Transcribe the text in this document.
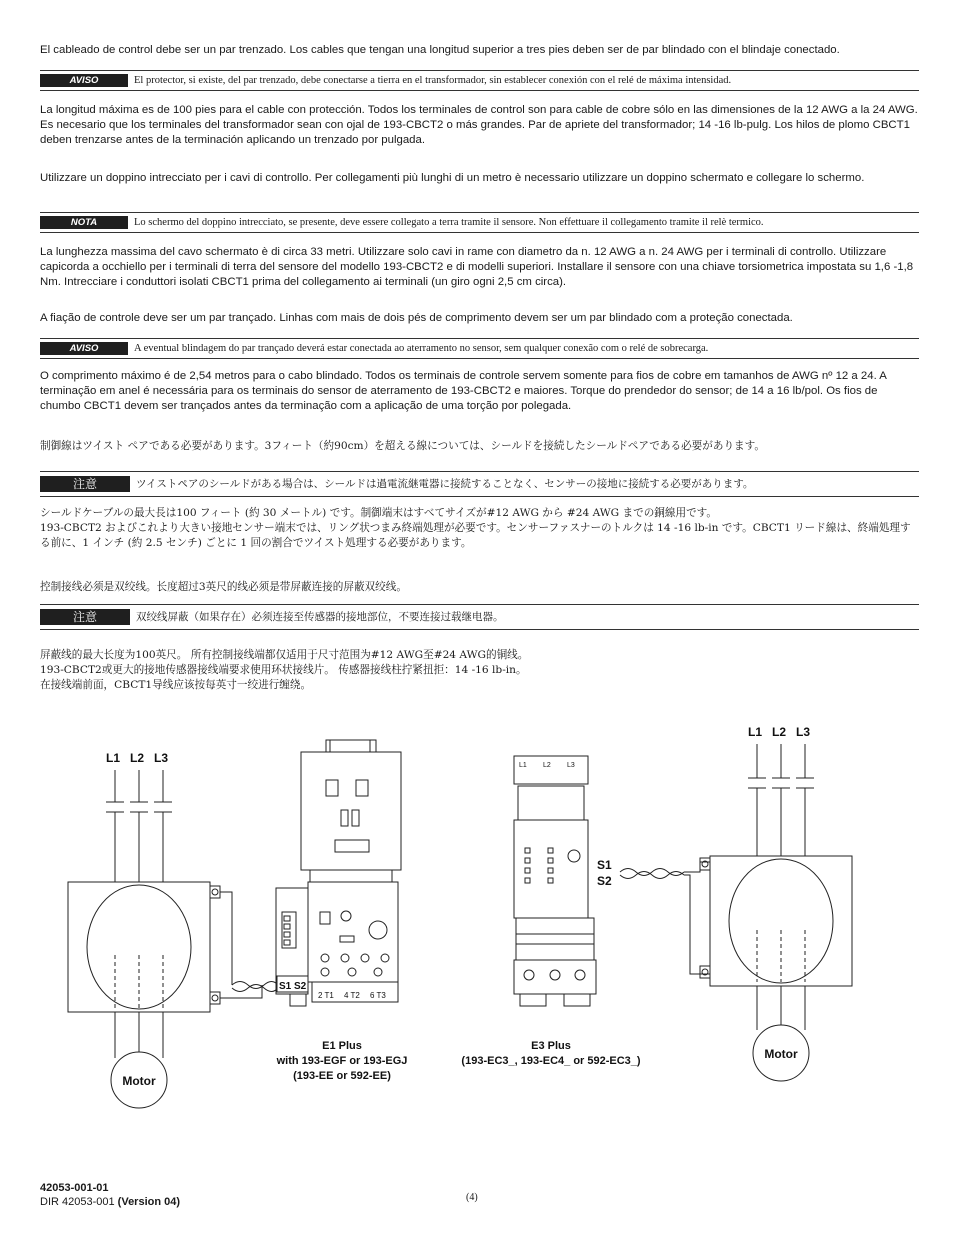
El cableado de control debe ser un par trenzado. Los cables que tengan una longitud superior a tres pies deben ser de par blindado con el blindaje conectado.

AVISO	El protector, si existe, del par trenzado, debe conectarse a tierra en el transformador, sin establecer conexión con el relé de máxima intensidad.

La longitud máxima es de 100 pies para el cable con protección. Todos los terminales de control son para cable de cobre sólo en las dimensiones de la 12 AWG a la 24 AWG. Es necesario que los terminales del transformador sean con ojal de 193-CBCT2 o más grandes. Par de apriete del transformador; 14 -16 lb-pulg. Los hilos de plomo CBCT1 deben trenzarse antes de la terminación aplicando un trenzado por pulgada.

Utilizzare un doppino intrecciato per i cavi di controllo. Per collegamenti più lunghi di un metro è necessario utilizzare un doppino schermato e collegare lo schermo.

NOTA	Lo schermo del doppino intrecciato, se presente, deve essere collegato a terra tramite il sensore. Non effettuare il collegamento tramite il relè termico.

La lunghezza massima del cavo schermato è di circa 33 metri. Utilizzare solo cavi in rame con diametro da n. 12 AWG a n. 24 AWG per i terminali di controllo. Utilizzare capicorda a occhiello per i terminali di terra del sensore del modello 193-CBCT2 e di modelli superiori. Installare il sensore con una chiave torsiometrica impostata su 1,6 -1,8 Nm. Intrecciare i conduttori isolati CBCT1 prima del collegamento ai terminali (un giro ogni 2,5 cm circa).

A fiação de controle deve ser um par trançado. Linhas com mais de dois pés de comprimento devem ser um par blindado com a proteção conectada.

AVISO	A eventual blindagem do par trançado deverá estar conectada ao aterramento no sensor, sem qualquer conexão com o relé de sobrecarga.

O comprimento máximo é de 2,54 metros para o cabo blindado. Todos os terminais de controle servem somente para fios de cobre em tamanhos de AWG nº 12 a 24. A terminação em anel é necessária para os terminais do sensor de aterramento de 193-CBCT2 e maiores. Torque do prendedor do sensor; de 14 a 16 lb/pol. Os fios de chumbo CBCT1 devem ser trançados antes da terminação com a aplicação de uma torção por polegada.

制御線はツイスト ペアである必要があります。3フィート（約90cm）を超える線については、シールドを接続したシールドペアである必要があります。

注意	ツイストペアのシールドがある場合は、シールドは過電流継電器に接続することなく、センサーの接地に接続する必要があります。

シールドケーブルの最大長は100 フィート (約 30 メートル) です。制御端末はすべてサイズが#12 AWG から #24 AWG までの銅線用です。

193-CBCT2 およびこれより大きい接地センサー端末では、リング状つまみ終端処理が必要です。センサーファスナーのトルクは 14 -16 lb-in です。CBCT1 リード線は、終端処理する前に、1 インチ (約 2.5 センチ) ごとに 1 回の割合でツイスト処理する必要があります。

控制接线必须是双绞线。长度超过3英尺的线必须是带屏蔽连接的屏蔽双绞线。

注意	双绞线屏蔽（如果存在）必须连接至传感器的接地部位，不要连接过载继电器。

屏蔽线的最大长度为100英尺。 所有控制接线端都仅适用于尺寸范围为#12 AWG至#24 AWG的铜线。

193-CBCT2或更大的接地传感器接线端要求使用环状接线片。 传感器接线柱拧紧扭拒：14 -16 lb-in。

在接线端前面，CBCT1导线应该按每英寸一绞进行缠绕。

L1 L2 L3
Motor
S1 S2
2 T1 4 T2 6 T3
E1 Plus
with 193-EGF or 193-EGJ
(193-EE or 592-EE)
L1 L2 L3
S1
S2
E3 Plus
(193-EC3_, 193-EC4_ or 592-EC3_)
L1 L2 L3
Motor
42053-001-01
DIR 42053-001 (Version 04)	(4)
